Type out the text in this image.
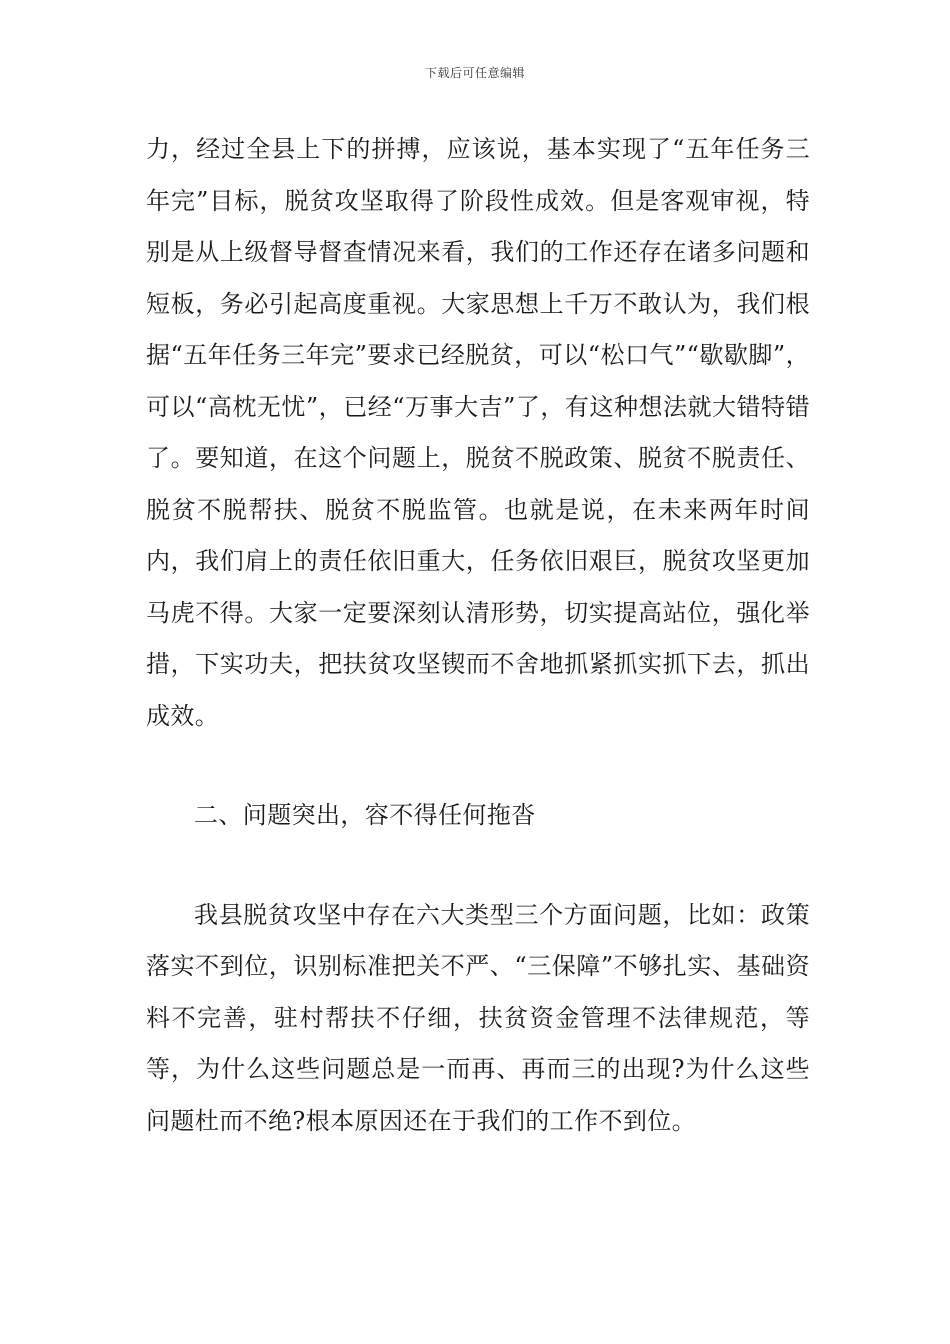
下载后可任意编辑

力，经过全县上下的拼搏，应该说，基本实现了“五年任务三年完”目标，脱贫攻坚取得了阶段性成效。但是客观审视，特别是从上级督导督查情况来看，我们的工作还存在诸多问题和短板，务必引起高度重视。大家思想上千万不敢认为，我们根据“五年任务三年完”要求已经脱贫，可以“松口气”“歇歇脚”，可以“高枕无忧”，已经“万事大吉”了，有这种想法就大错特错了。要知道，在这个问题上，脱贫不脱政策、脱贫不脱责任、脱贫不脱帮扶、脱贫不脱监管。也就是说，在未来两年时间内，我们肩上的责任依旧重大，任务依旧艰巨，脱贫攻坚更加马虎不得。大家一定要深刻认清形势，切实提高站位，强化举措，下实功夫，把扶贫攻坚锲而不舍地抓紧抓实抓下去，抓出成效。

二、问题突出，容不得任何拖沓

我县脱贫攻坚中存在六大类型三个方面问题，比如：政策落实不到位，识别标准把关不严、“三保障”不够扎实、基础资料不完善，驻村帮扶不仔细，扶贫资金管理不法律规范，等等，为什么这些问题总是一而再、再而三的出现?为什么这些问题杜而不绝?根本原因还在于我们的工作不到位。
